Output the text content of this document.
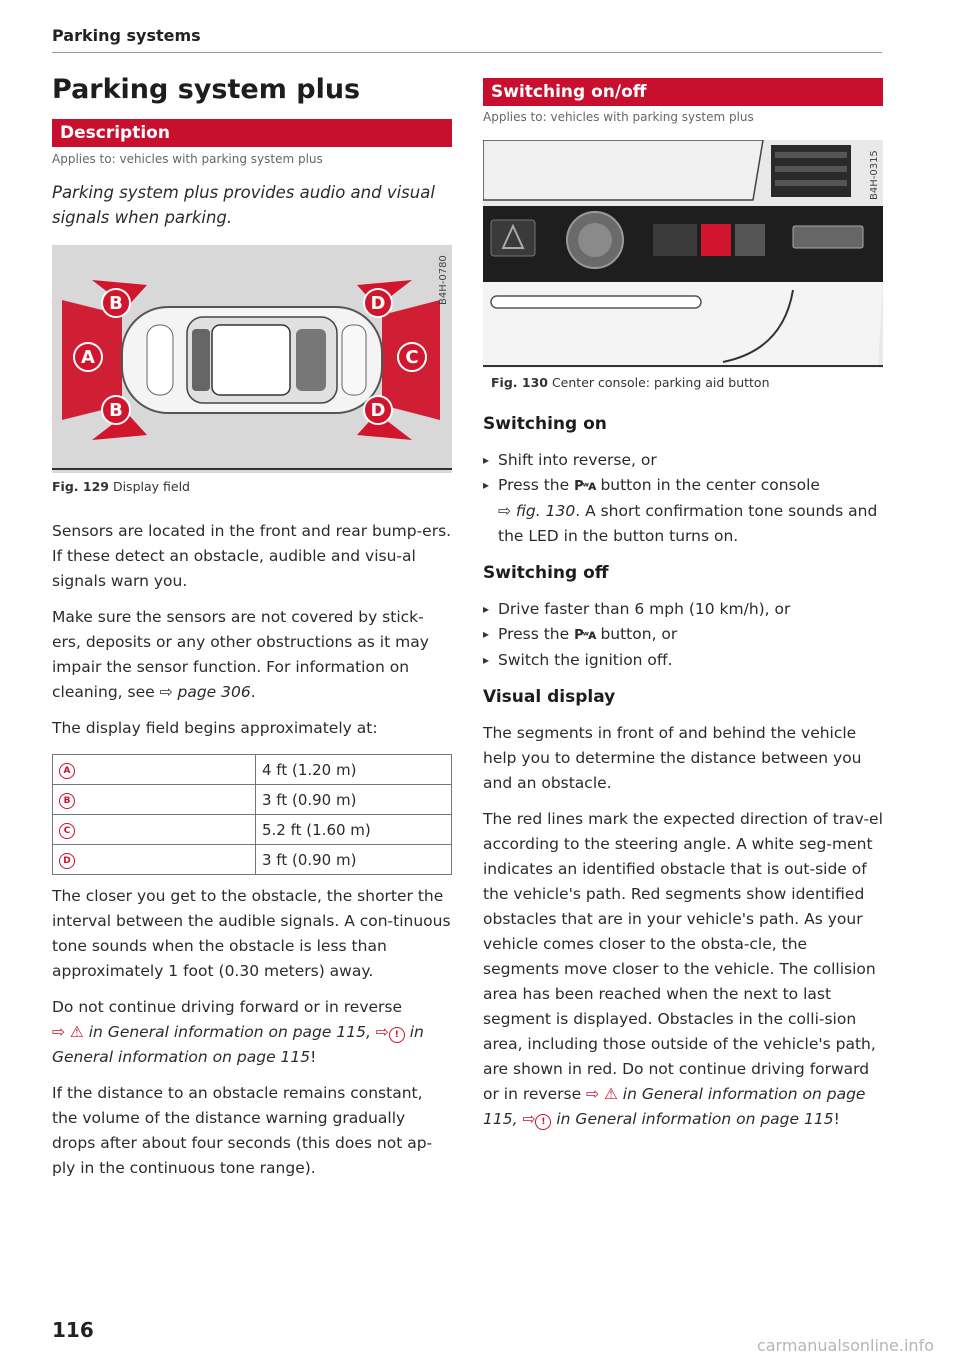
Parking systems
Parking system plus
Description
Applies to: vehicles with parking system plus
Parking system plus provides audio and visual signals when parking.
B
A
B
D
C
D
B4H-0780
Fig. 129 Display field

Sensors are located in the front and rear bump-ers. If these detect an obstacle, audible and visu-al signals warn you.

Make sure the sensors are not covered by stick-ers, deposits or any other obstructions as it may impair the sensor function. For information on cleaning, see ⇨ page 306.

The display field begins approximately at:

A	4 ft (1.20 m)
B	3 ft (0.90 m)
C	5.2 ft (1.60 m)
D	3 ft (0.90 m)

The closer you get to the obstacle, the shorter the interval between the audible signals. A con-tinuous tone sounds when the obstacle is less than approximately 1 foot (0.30 meters) away.

Do not continue driving forward or in reverse
⇨ ⚠ in General information on page 115, ⇨ ! in General information on page 115!

If the distance to an obstacle remains constant, the volume of the distance warning gradually drops after about four seconds (this does not ap-ply in the continuous tone range).

Switching on/off
Applies to: vehicles with parking system plus
B4H-0315
Fig. 130 Center console: parking aid button
Switching on
▸ Shift into reverse, or
▸ Press the Pʷᴀ button in the center console
⇨ fig. 130. A short confirmation tone sounds and the LED in the button turns on.
Switching off
▸ Drive faster than 6 mph (10 km/h), or
▸ Press the Pʷᴀ button, or
▸ Switch the ignition off.
Visual display

The segments in front of and behind the vehicle help you to determine the distance between you and an obstacle.

The red lines mark the expected direction of trav-el according to the steering angle. A white seg-ment indicates an identified obstacle that is out-side of the vehicle's path. Red segments show identified obstacles that are in your vehicle's path. As your vehicle comes closer to the obsta-cle, the segments move closer to the vehicle. The collision area has been reached when the next to last segment is displayed. Obstacles in the colli-sion area, including those outside of the vehicle's path, are shown in red. Do not continue driving forward or in reverse ⇨ ⚠ in General information on page 115, ⇨ ! in General information on page 115!

116
carmanualsonline.info
